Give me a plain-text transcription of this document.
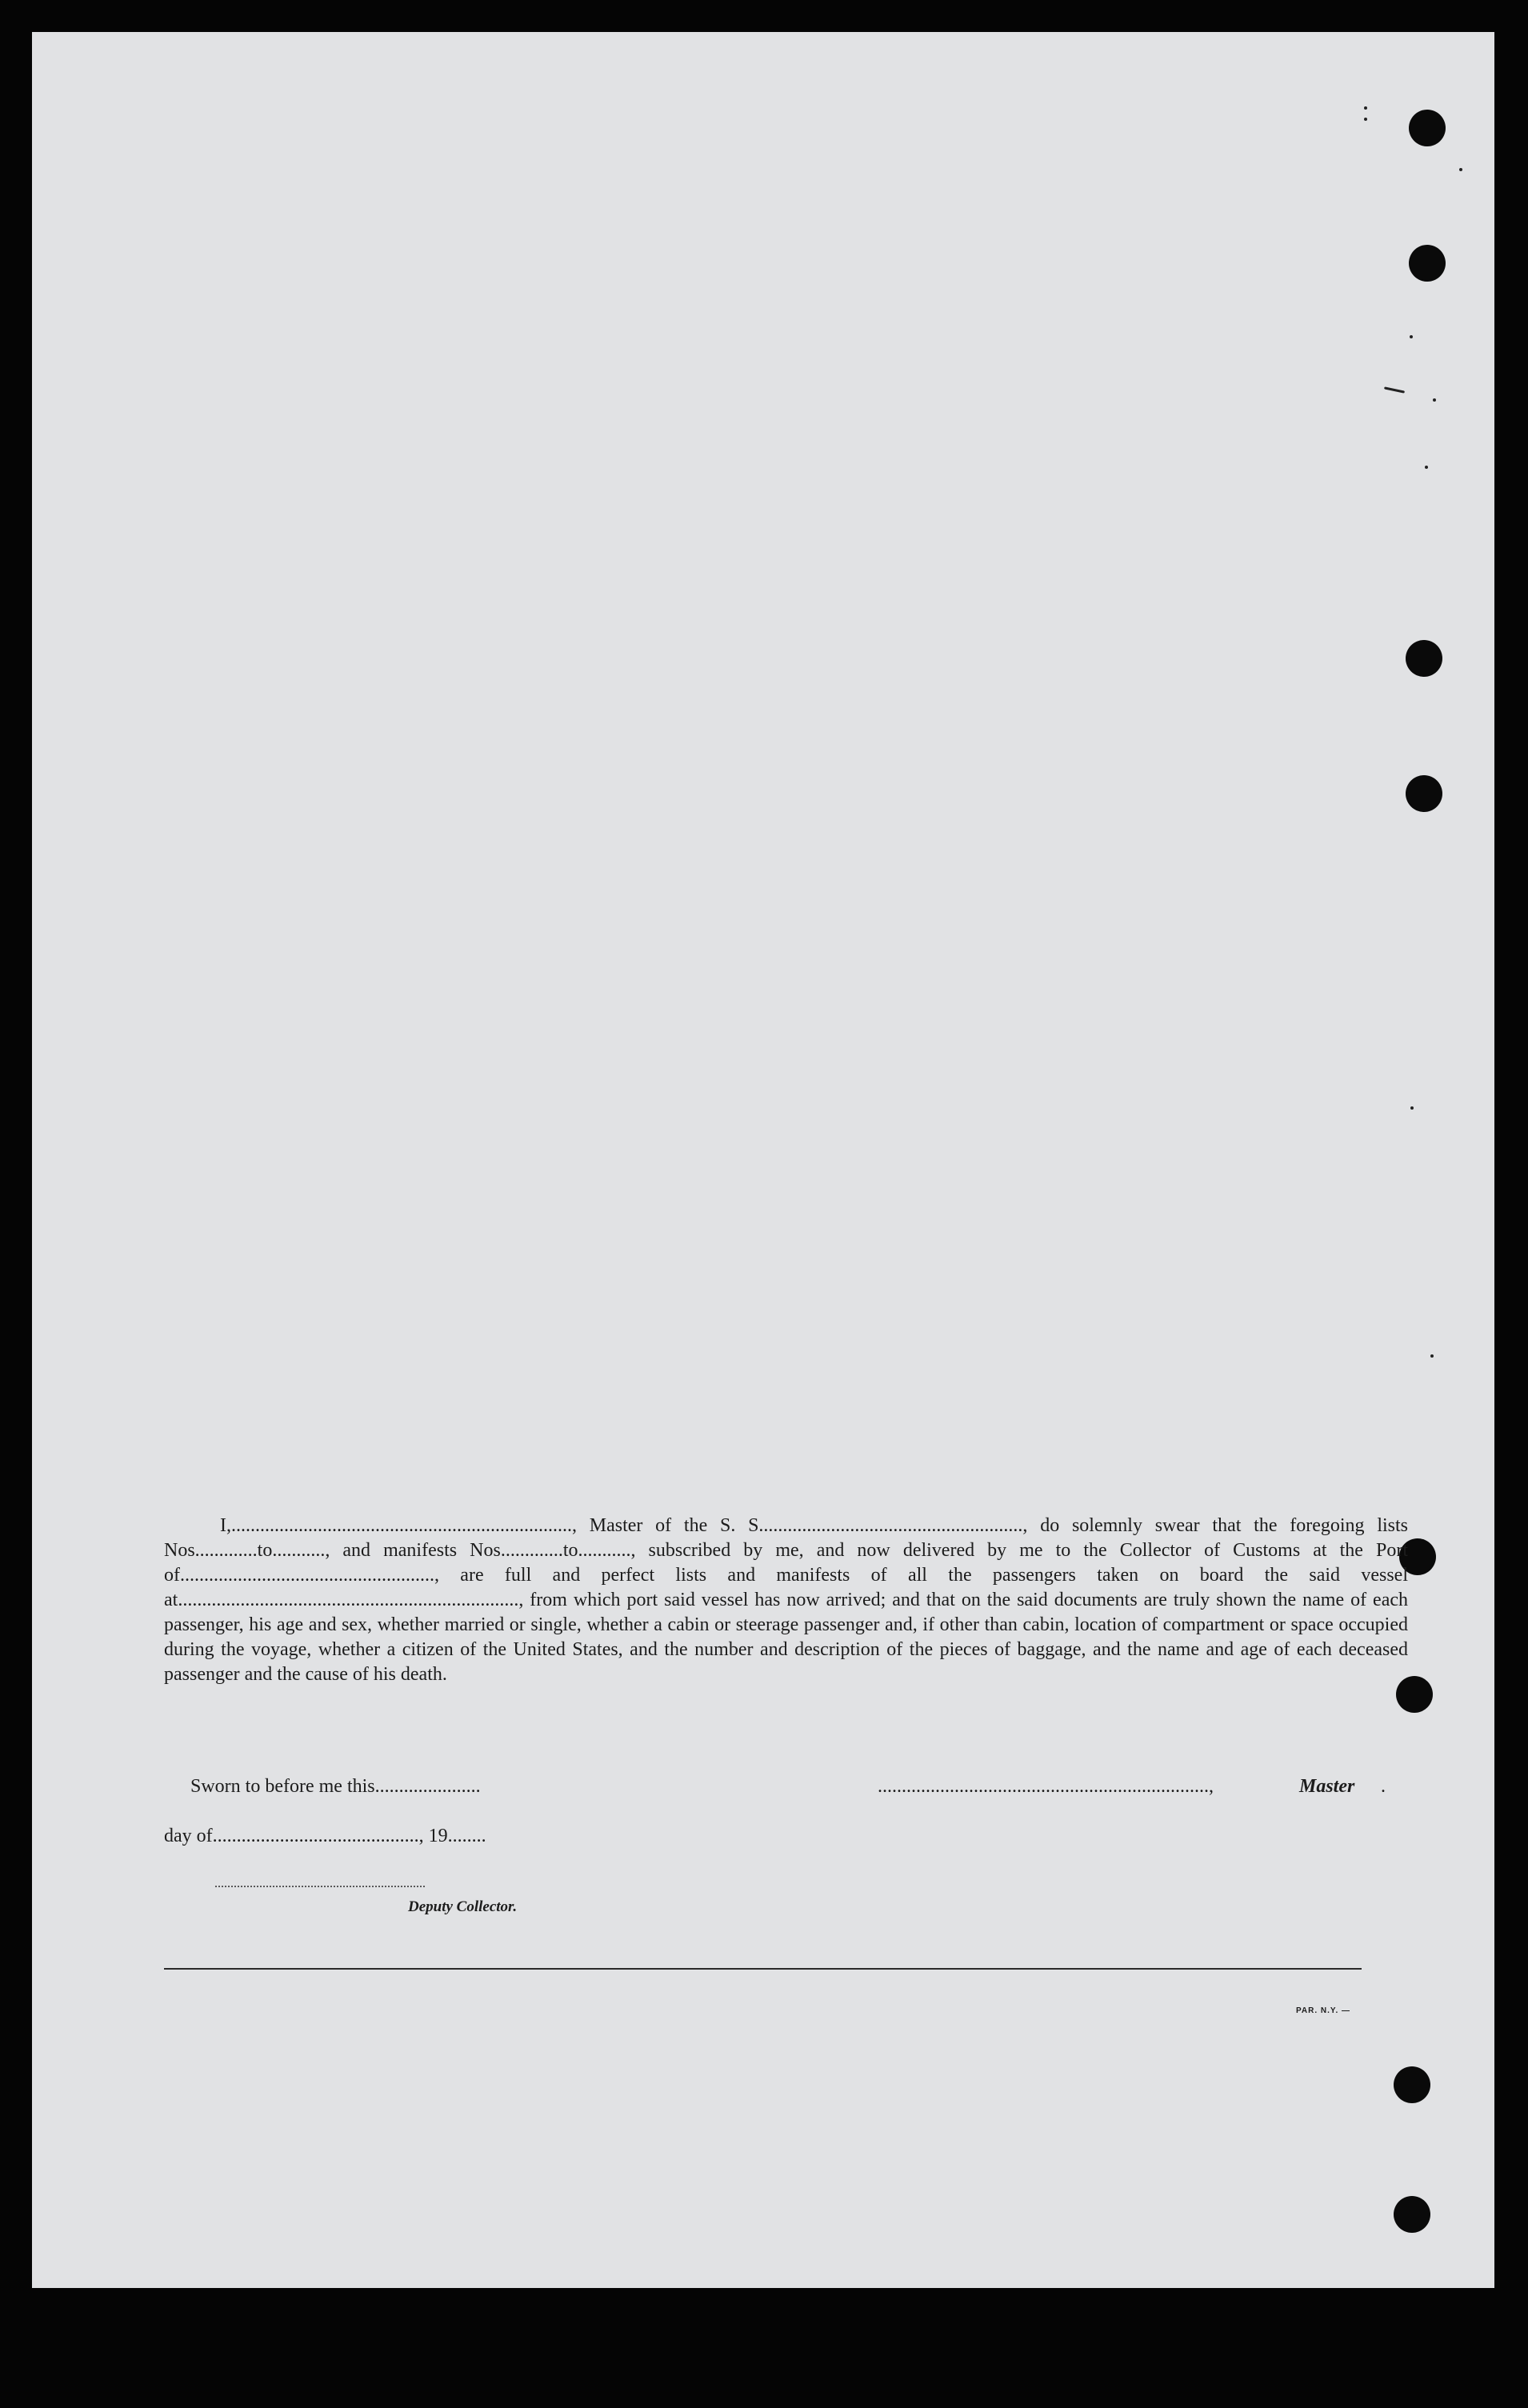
I,......................................................................., Master of the S. S......................................................., do solemnly swear that the foregoing lists Nos.............to..........., and manifests Nos.............to..........., subscribed by me, and now delivered by me to the Collector of Customs at the Port of....................................................., are full and perfect lists and manifests of all the passengers taken on board the said vessel at......................................................................., from which port said vessel has now arrived; and that on the said documents are truly shown the name of each passenger, his age and sex, whether married or single, whether a cabin or steerage passenger and, if other than cabin, location of compartment or space occupied during the voyage, whether a citizen of the United States, and the number and description of the pieces of baggage, and the name and age of each deceased passenger and the cause of his death.

Sworn to before me this......................
day of..........................................., 19........
..................................................................
Deputy Collector.
.....................................................................,	Master .
PAR. N.Y. —
